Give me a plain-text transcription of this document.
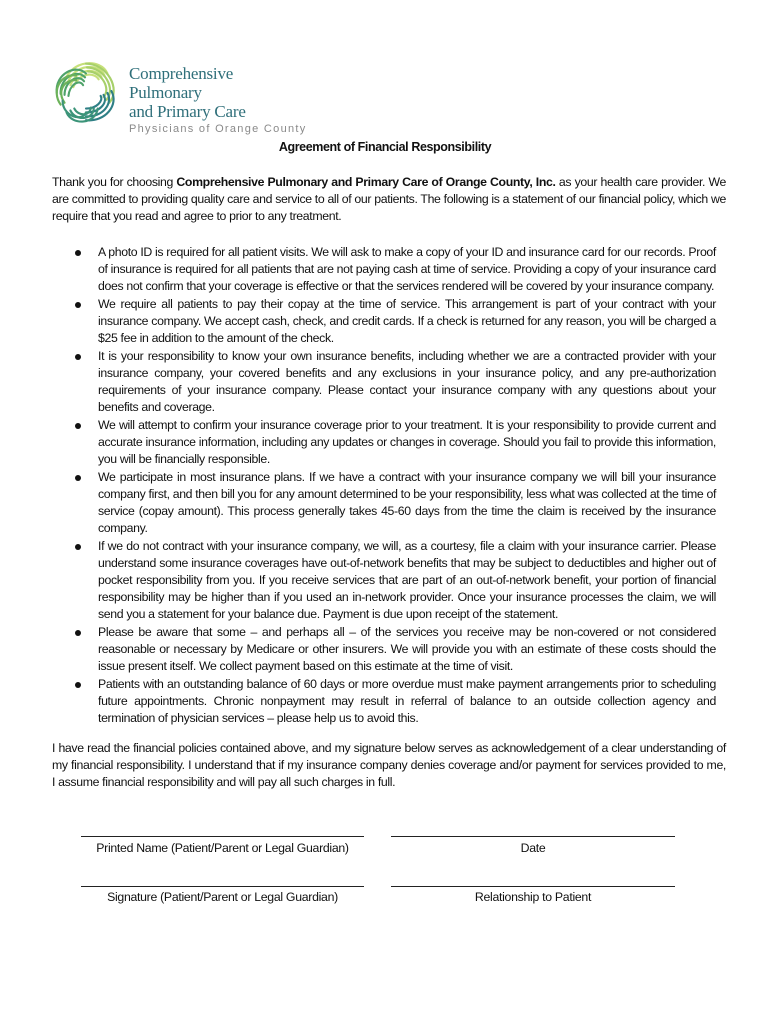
Comprehensive Pulmonary
and Primary Care
Physicians of Orange County
Agreement of Financial Responsibility

Thank you for choosing Comprehensive Pulmonary and Primary Care of Orange County, Inc. as your health care provider. We are committed to providing quality care and service to all of our patients. The following is a statement of our financial policy, which we require that you read and agree to prior to any treatment.

A photo ID is required for all patient visits. We will ask to make a copy of your ID and insurance card for our records. Proof of insurance is required for all patients that are not paying cash at time of service. Providing a copy of your insurance card does not confirm that your coverage is effective or that the services rendered will be covered by your insurance company.
We require all patients to pay their copay at the time of service. This arrangement is part of your contract with your insurance company. We accept cash, check, and credit cards. If a check is returned for any reason, you will be charged a $25 fee in addition to the amount of the check.
It is your responsibility to know your own insurance benefits, including whether we are a contracted provider with your insurance company, your covered benefits and any exclusions in your insurance policy, and any pre-authorization requirements of your insurance company. Please contact your insurance company with any questions about your benefits and coverage.
We will attempt to confirm your insurance coverage prior to your treatment. It is your responsibility to provide current and accurate insurance information, including any updates or changes in coverage. Should you fail to provide this information, you will be financially responsible.
We participate in most insurance plans. If we have a contract with your insurance company we will bill your insurance company first, and then bill you for any amount determined to be your responsibility, less what was collected at the time of service (copay amount). This process generally takes 45-60 days from the time the claim is received by the insurance company.
If we do not contract with your insurance company, we will, as a courtesy, file a claim with your insurance carrier. Please understand some insurance coverages have out-of-network benefits that may be subject to deductibles and higher out of pocket responsibility from you. If you receive services that are part of an out-of-network benefit, your portion of financial responsibility may be higher than if you used an in-network provider. Once your insurance processes the claim, we will send you a statement for your balance due. Payment is due upon receipt of the statement.
Please be aware that some – and perhaps all – of the services you receive may be non-covered or not considered reasonable or necessary by Medicare or other insurers. We will provide you with an estimate of these costs should the issue present itself. We collect payment based on this estimate at the time of visit.
Patients with an outstanding balance of 60 days or more overdue must make payment arrangements prior to scheduling future appointments. Chronic nonpayment may result in referral of balance to an outside collection agency and termination of physician services – please help us to avoid this.

I have read the financial policies contained above, and my signature below serves as acknowledgement of a clear understanding of my financial responsibility. I understand that if my insurance company denies coverage and/or payment for services provided to me, I assume financial responsibility and will pay all such charges in full.

Printed Name (Patient/Parent or Legal Guardian)	Date
Signature (Patient/Parent or Legal Guardian)	Relationship to Patient
